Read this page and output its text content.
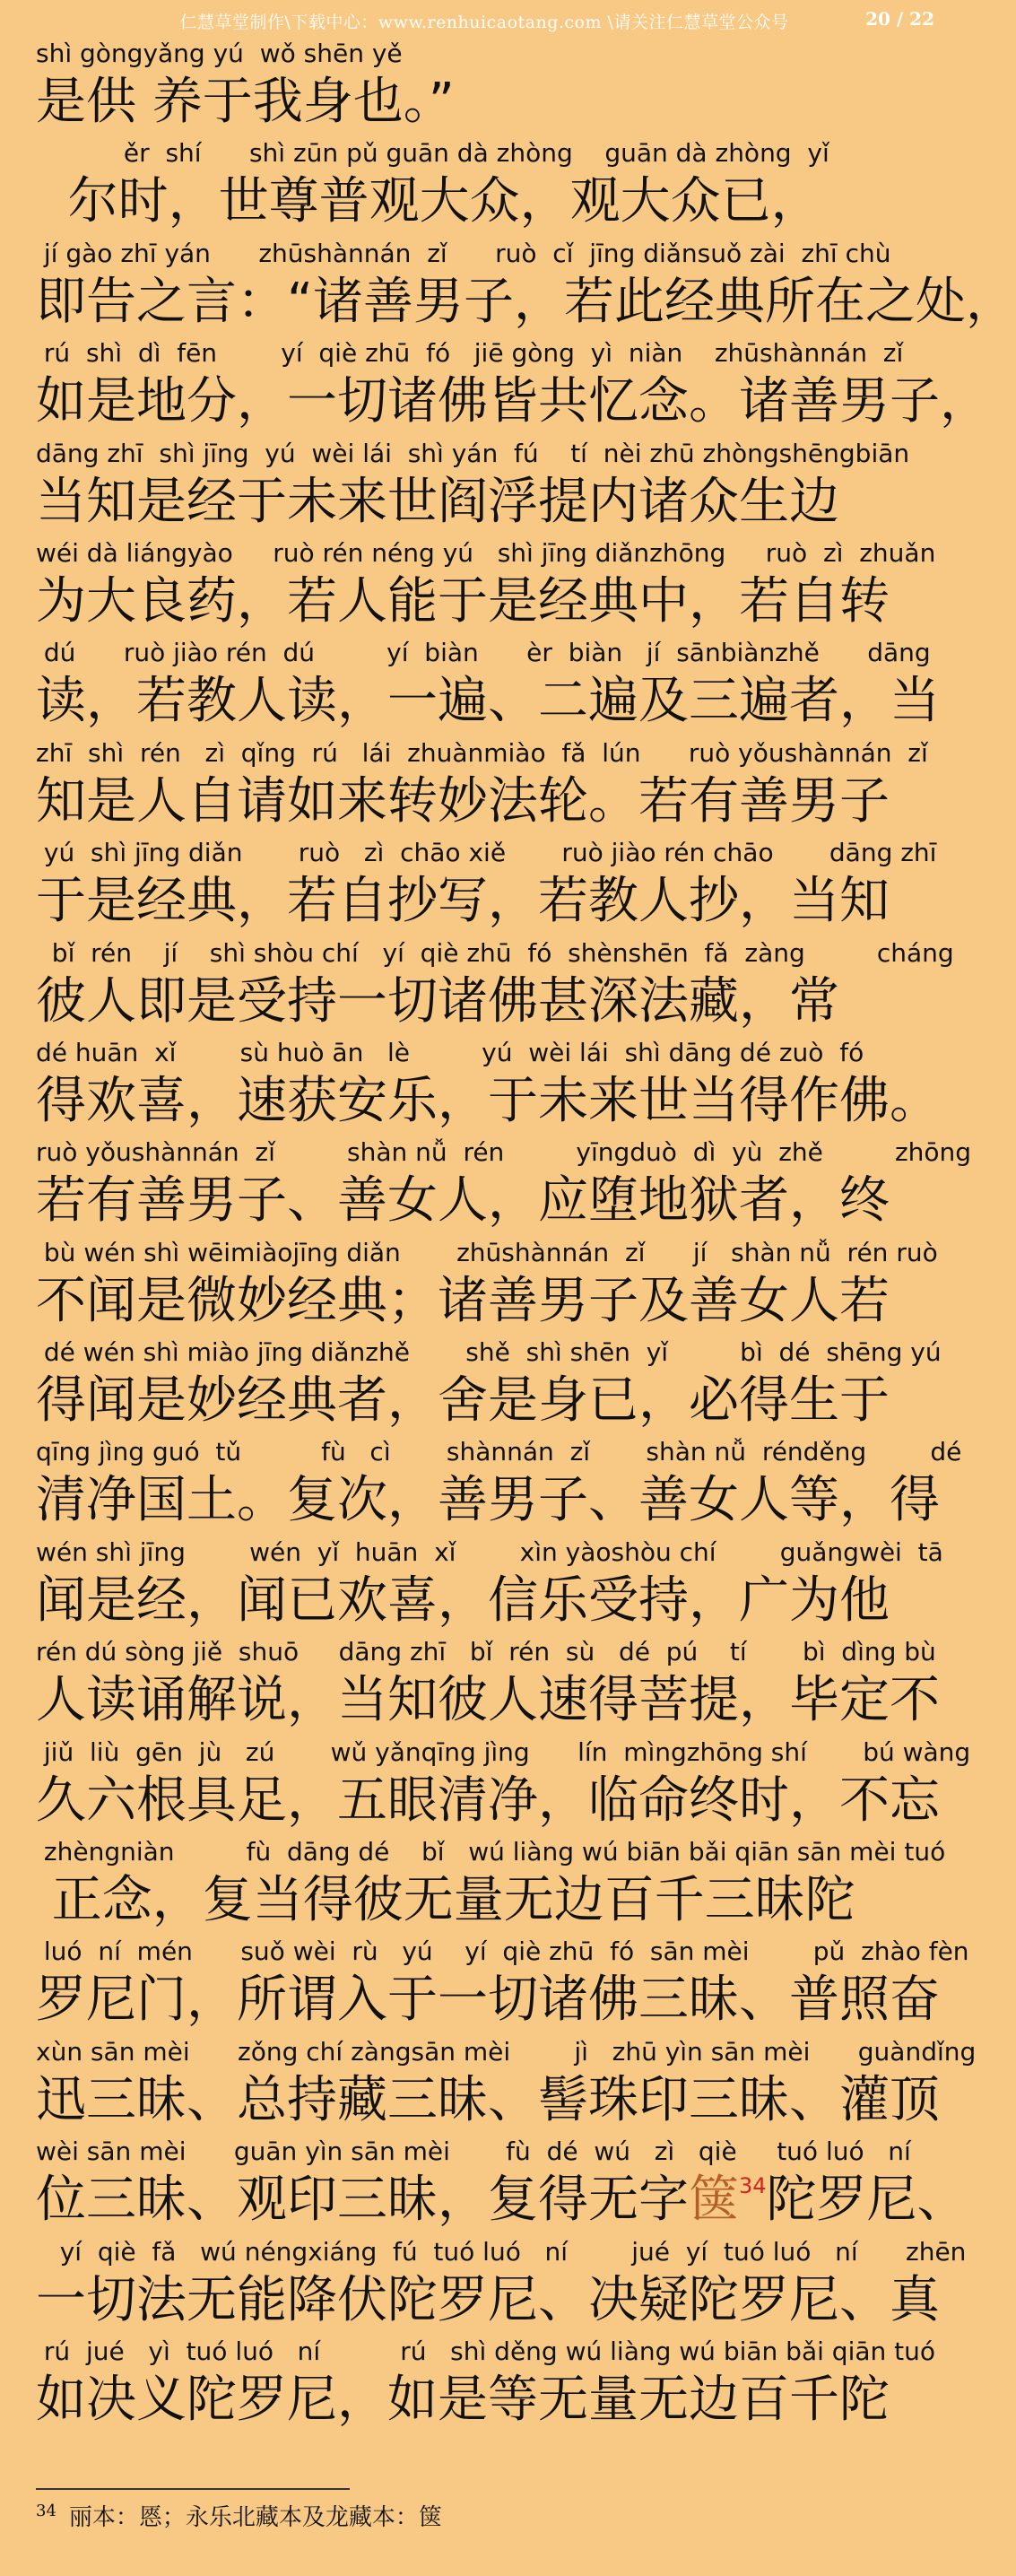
仁慧草堂制作\下载中心：www.renhuicaotang.com \请关注仁慧草堂公众号	20 / 22
shì gòngyǎng yú  wǒ shēn yě
是供 养于我身也。”
ěr  shí      shì zūn pǔ guān dà zhòng    guān dà zhòng  yǐ
尔时，世尊普观大众，观大众已，
jí gào zhī yán      zhūshànnán  zǐ      ruò  cǐ  jīng diǎnsuǒ zài  zhī chù
即告之言：“诸善男子，若此经典所在之处，
rú  shì  dì  fēn        yí  qiè zhū  fó   jiē gòng  yì  niàn    zhūshànnán  zǐ
如是地分，一切诸佛皆共忆念。诸善男子，
dāng zhī  shì jīng  yú  wèi lái  shì yán  fú    tí  nèi zhū zhòngshēngbiān
当知是经于未来世阎浮提内诸众生边
wéi dà liángyào     ruò rén néng yú   shì jīng diǎnzhōng     ruò  zì  zhuǎn
为大良药，若人能于是经典中，若自转
dú      ruò jiào rén  dú         yí  biàn      èr  biàn   jí  sānbiànzhě      dāng
读，若教人读，一遍、二遍及三遍者，当
zhī  shì  rén   zì  qǐng  rú   lái  zhuànmiào  fǎ  lún      ruò yǒushànnán  zǐ
知是人自请如来转妙法轮。若有善男子
yú  shì jīng diǎn       ruò   zì  chāo xiě       ruò jiào rén chāo       dāng zhī
于是经典，若自抄写，若教人抄，当知
bǐ  rén    jí    shì shòu chí   yí  qiè zhū  fó  shènshēn  fǎ  zàng         cháng
彼人即是受持一切诸佛甚深法藏，常
dé huān  xǐ        sù huò ān   lè         yú  wèi lái  shì dāng dé zuò  fó
得欢喜，速获安乐，于未来世当得作佛。
ruò yǒushànnán  zǐ         shàn nǚ  rén         yīngduò  dì  yù  zhě         zhōng
若有善男子、善女人，应堕地狱者，终
bù wén shì wēimiàojīng diǎn       zhūshànnán  zǐ      jí   shàn nǚ  rén ruò
不闻是微妙经典；诸善男子及善女人若
dé wén shì miào jīng diǎnzhě       shě  shì shēn  yǐ         bì  dé  shēng yú
得闻是妙经典者，舍是身已，必得生于
qīng jìng guó  tǔ          fù   cì       shànnán  zǐ       shàn nǚ  rénděng        dé
清净国土。复次，善男子、善女人等，得
wén shì jīng        wén  yǐ  huān  xǐ        xìn yàoshòu chí        guǎngwèi  tā
闻是经，闻已欢喜，信乐受持，广为他
rén dú sòng jiě  shuō     dāng zhī   bǐ  rén  sù   dé  pú    tí       bì  dìng bù
人读诵解说，当知彼人速得菩提，毕定不
jiǔ  liù  gēn  jù   zú       wǔ yǎnqīng jìng      lín  mìngzhōng shí       bú wàng
久六根具足，五眼清净，临命终时，不忘
zhèngniàn         fù  dāng dé    bǐ   wú liàng wú biān bǎi qiān sān mèi tuó
正念，复当得彼无量无边百千三昧陀
luó  ní  mén      suǒ wèi  rù   yú    yí  qiè zhū  fó  sān mèi        pǔ  zhào fèn
罗尼门，所谓入于一切诸佛三昧、普照奋
xùn sān mèi      zǒng chí zàngsān mèi        jì   zhū yìn sān mèi      guàndǐng
迅三昧、总持藏三昧、髻珠印三昧、灌顶
wèi sān mèi      guān yìn sān mèi       fù  dé  wú   zì   qiè     tuó luó   ní
位三昧、观印三昧，复得无字箧$^{34}$陀罗尼、
yí  qiè  fǎ   wú néngxiáng  fú  tuó luó   ní        jué  yí  tuó luó   ní      zhēn
一切法无能降伏陀罗尼、决疑陀罗尼、真
rú  jué   yì  tuó luó   ní          rú   shì děng wú liàng wú biān bǎi qiān tuó
如决义陀罗尼，如是等无量无边百千陀
$^{34}$ 丽本：㥦；永乐北藏本及龙藏本：箧
